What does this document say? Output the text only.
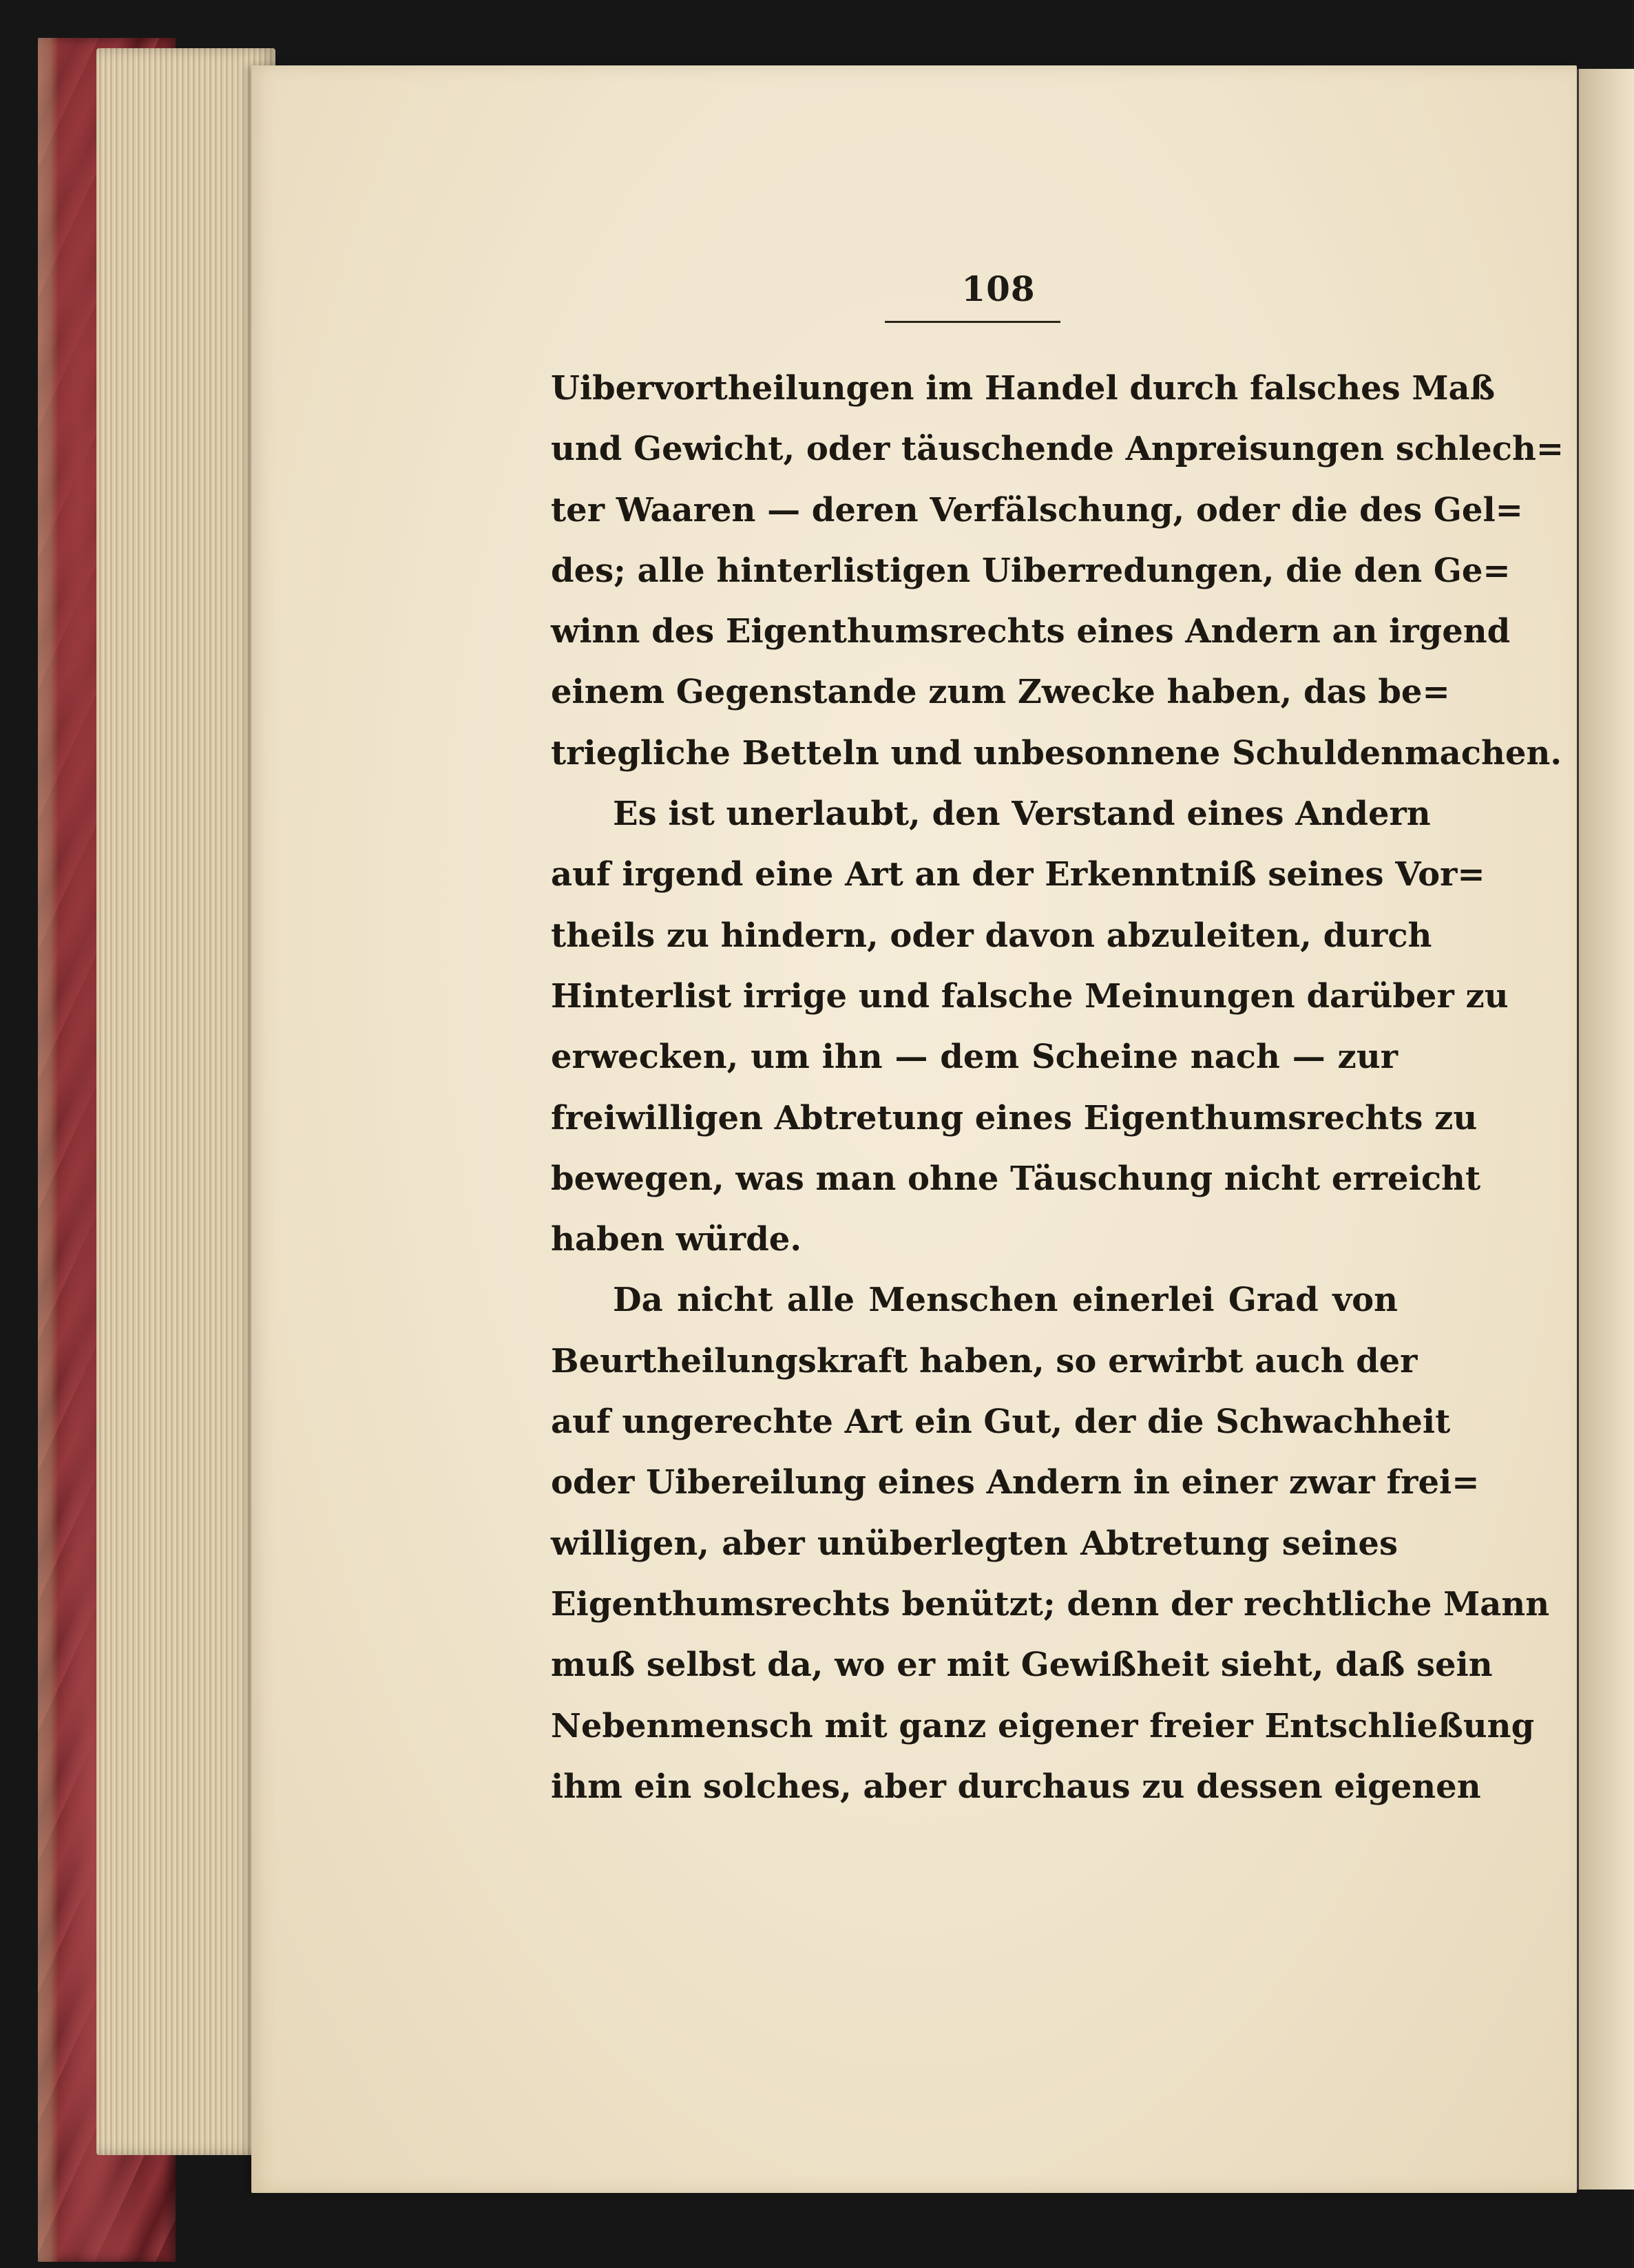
108
Uibervortheilungen im Handel durch falsches Maß
und Gewicht, oder täuschende Anpreisungen schlech=
ter Waaren — deren Verfälschung, oder die des Gel=
des; alle hinterlistigen Uiberredungen, die den Ge=
winn des Eigenthumsrechts eines Andern an irgend
einem Gegenstande zum Zwecke haben, das be=
triegliche Betteln und unbesonnene Schuldenmachen.
Es ist unerlaubt, den Verstand eines Andern
auf irgend eine Art an der Erkenntniß seines Vor=
theils zu hindern, oder davon abzuleiten, durch
Hinterlist irrige und falsche Meinungen darüber zu
erwecken, um ihn — dem Scheine nach — zur
freiwilligen Abtretung eines Eigenthumsrechts zu
bewegen, was man ohne Täuschung nicht erreicht
haben würde.
Da nicht alle Menschen einerlei Grad von
Beurtheilungskraft haben, so erwirbt auch der
auf ungerechte Art ein Gut, der die Schwachheit
oder Uibereilung eines Andern in einer zwar frei=
willigen, aber unüberlegten Abtretung seines
Eigenthumsrechts benützt; denn der rechtliche Mann
muß selbst da, wo er mit Gewißheit sieht, daß sein
Nebenmensch mit ganz eigener freier Entschließung
ihm ein solches, aber durchaus zu dessen eigenen
